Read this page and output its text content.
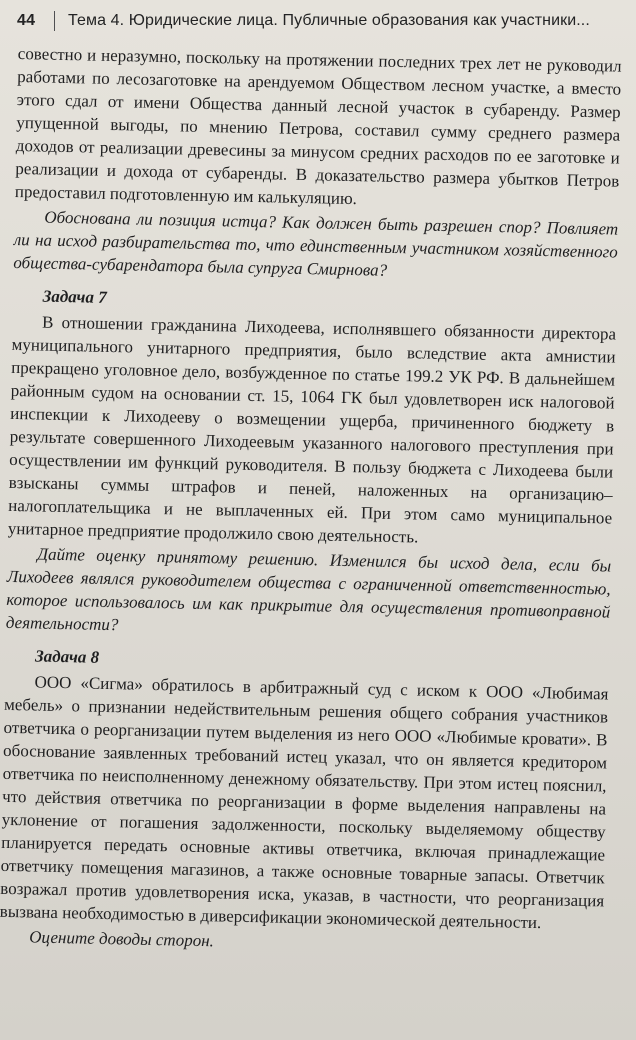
44 Тема 4. Юридические лица. Публичные образования как участники...

совестно и неразумно, поскольку на протяжении последних трех лет не руководил работами по лесозаготовке на арендуемом Обществом лесном участке, а вместо этого сдал от имени Общества данный лесной участок в субаренду. Размер упущенной выгоды, по мнению Петрова, составил сумму среднего размера доходов от реализации древесины за минусом средних расходов по ее заготовке и реализации и дохода от субаренды. В доказательство размера убытков Петров предоставил подготовленную им калькуляцию.

Обоснована ли позиция истца? Как должен быть разрешен спор? Повлияет ли на исход разбирательства то, что единственным участником хозяйственного общества-субарендатора была супруга Смирнова?

Задача 7

В отношении гражданина Лиходеева, исполнявшего обязанности директора муниципального унитарного предприятия, было вследствие акта амнистии прекращено уголовное дело, возбужденное по статье 199.2 УК РФ. В дальнейшем районным судом на основании ст. 15, 1064 ГК был удовлетворен иск налоговой инспекции к Лиходееву о возмещении ущерба, причиненного бюджету в результате совершенного Лиходеевым указанного налогового преступления при осуществлении им функций руководителя. В пользу бюджета с Лиходеева были взысканы суммы штрафов и пеней, наложенных на организацию–налогоплательщика и не выплаченных ей. При этом само муниципальное унитарное предприятие продолжило свою деятельность.

Дайте оценку принятому решению. Изменился бы исход дела, если бы Лиходеев являлся руководителем общества с ограниченной ответственностью, которое использовалось им как прикрытие для осуществления противоправной деятельности?

Задача 8

ООО «Сигма» обратилось в арбитражный суд с иском к ООО «Любимая мебель» о признании недействительным решения общего собрания участников ответчика о реорганизации путем выделения из него ООО «Любимые кровати». В обоснование заявленных требований истец указал, что он является кредитором ответчика по неисполненному денежному обязательству. При этом истец пояснил, что действия ответчика по реорганизации в форме выделения направлены на уклонение от погашения задолженности, поскольку выделяемому обществу планируется передать основные активы ответчика, включая принадлежащие ответчику помещения магазинов, а также основные товарные запасы. Ответчик возражал против удовлетворения иска, указав, в частности, что реорганизация вызвана необходимостью в диверсификации экономической деятельности.

Оцените доводы сторон.
